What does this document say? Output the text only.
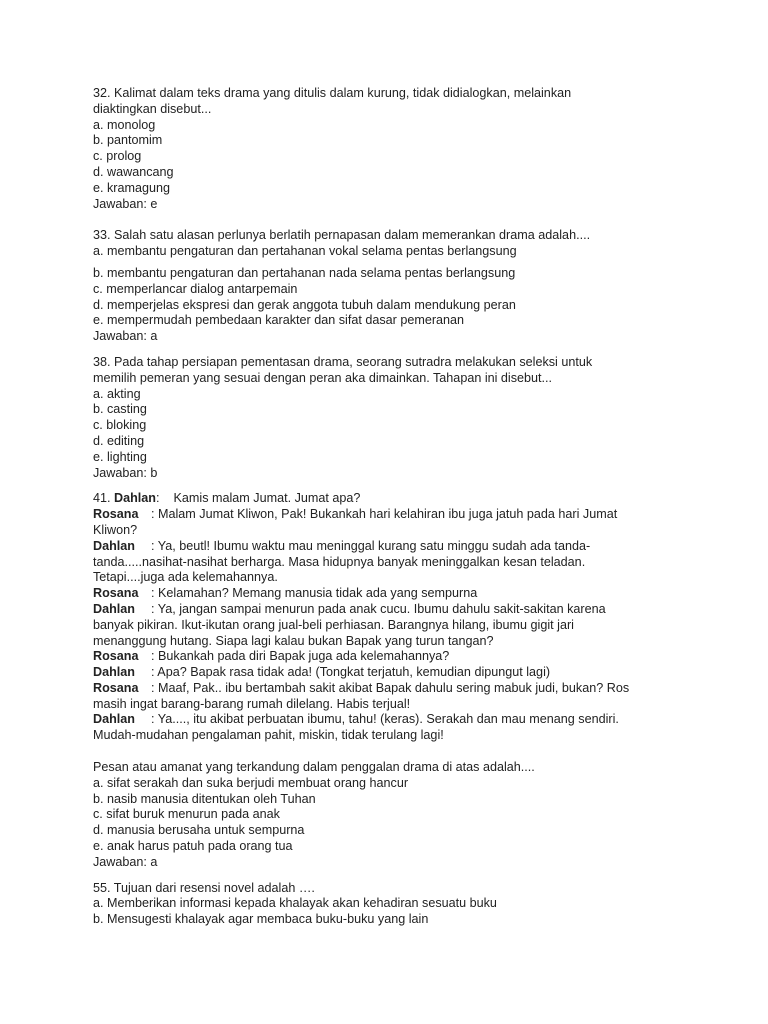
32. Kalimat dalam teks drama yang ditulis dalam kurung, tidak didialogkan, melainkan
diaktingkan disebut...
a. monolog
b. pantomim
c. prolog
d. wawancang
e. kramagung
Jawaban: e
33. Salah satu alasan perlunya berlatih pernapasan dalam memerankan drama adalah....
a. membantu pengaturan dan pertahanan vokal selama pentas berlangsung
b. membantu pengaturan dan pertahanan nada selama pentas berlangsung
c. memperlancar dialog antarpemain
d. memperjelas ekspresi dan gerak anggota tubuh dalam mendukung peran
e. mempermudah pembedaan karakter dan sifat dasar pemeranan
Jawaban: a
38. Pada tahap persiapan pementasan drama, seorang sutradra melakukan seleksi untuk
memilih pemeran yang sesuai dengan peran aka dimainkan. Tahapan ini disebut...
a. akting
b. casting
c. bloking
d. editing
e. lighting
Jawaban: b
41. Dahlan:    Kamis malam Jumat. Jumat apa?
Rosana : Malam Jumat Kliwon, Pak! Bukankah hari kelahiran ibu juga jatuh pada hari Jumat
Kliwon?
Dahlan : Ya, beutl! Ibumu waktu mau meninggal kurang satu minggu sudah ada tanda-
tanda.....nasihat-nasihat berharga. Masa hidupnya banyak meninggalkan kesan teladan.
Tetapi....juga ada kelemahannya.
Rosana : Kelamahan? Memang manusia tidak ada yang sempurna
Dahlan : Ya, jangan sampai menurun pada anak cucu. Ibumu dahulu sakit-sakitan karena
banyak pikiran. Ikut-ikutan orang jual-beli perhiasan. Barangnya hilang, ibumu gigit jari
menanggung hutang. Siapa lagi kalau bukan Bapak yang turun tangan?
Rosana : Bukankah pada diri Bapak juga ada kelemahannya?
Dahlan : Apa? Bapak rasa tidak ada! (Tongkat terjatuh, kemudian dipungut lagi)
Rosana : Maaf, Pak.. ibu bertambah sakit akibat Bapak dahulu sering mabuk judi, bukan? Ros
masih ingat barang-barang rumah dilelang. Habis terjual!
Dahlan : Ya...., itu akibat perbuatan ibumu, tahu! (keras). Serakah dan mau menang sendiri.
Mudah-mudahan pengalaman pahit, miskin, tidak terulang lagi!
Pesan atau amanat yang terkandung dalam penggalan drama di atas adalah....
a. sifat serakah dan suka berjudi membuat orang hancur
b. nasib manusia ditentukan oleh Tuhan
c. sifat buruk menurun pada anak
d. manusia berusaha untuk sempurna
e. anak harus patuh pada orang tua
Jawaban: a
55. Tujuan dari resensi novel adalah ….
a. Memberikan informasi kepada khalayak akan kehadiran sesuatu buku
b. Mensugesti khalayak agar membaca buku-buku yang lain
